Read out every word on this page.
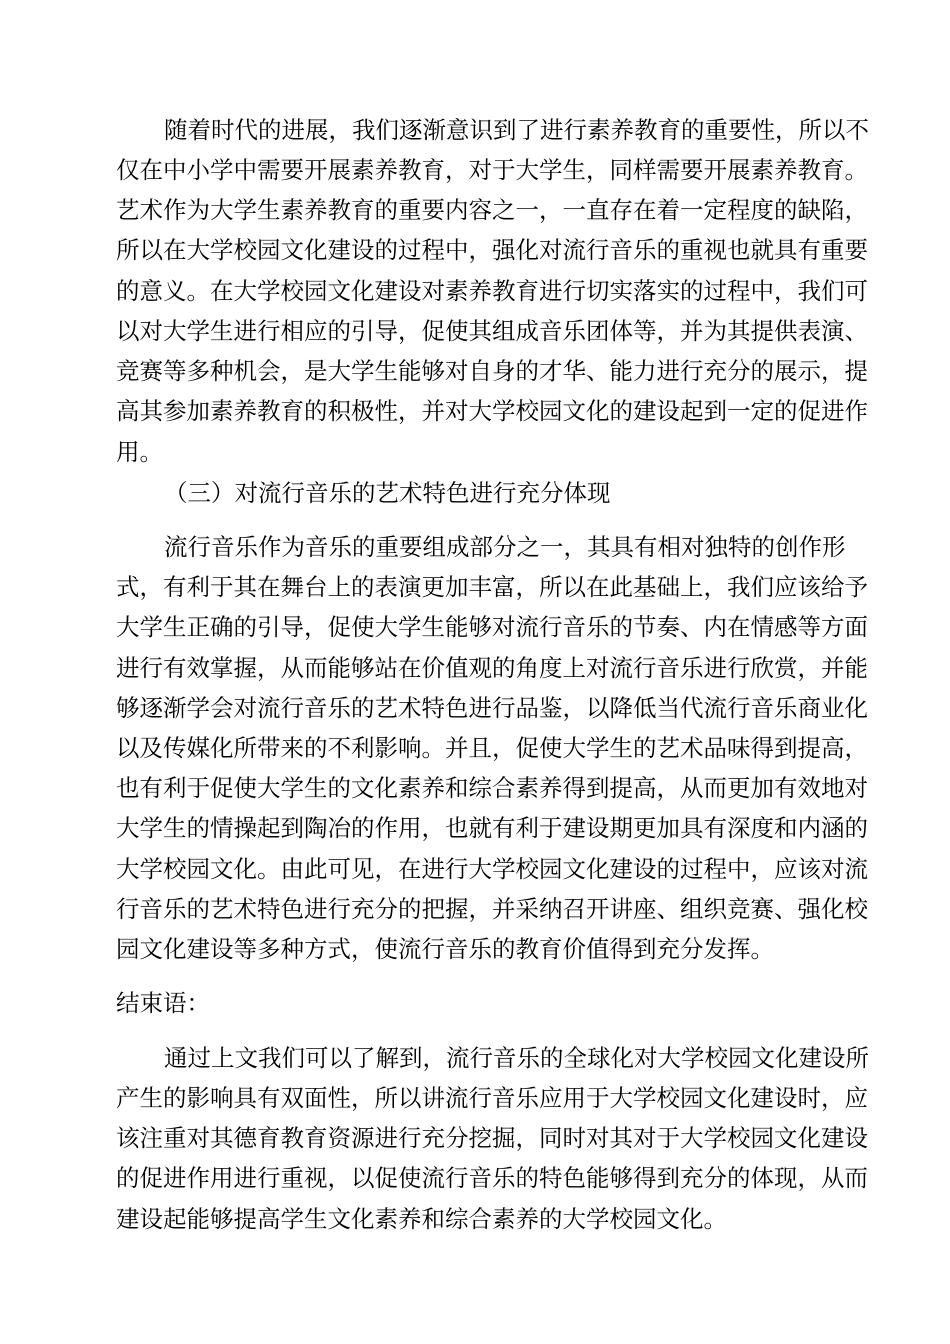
随着时代的进展，我们逐渐意识到了进行素养教育的重要性，所以不
仅在中小学中需要开展素养教育，对于大学生，同样需要开展素养教育。
艺术作为大学生素养教育的重要内容之一，一直存在着一定程度的缺陷，
所以在大学校园文化建设的过程中，强化对流行音乐的重视也就具有重要
的意义。在大学校园文化建设对素养教育进行切实落实的过程中，我们可
以对大学生进行相应的引导，促使其组成音乐团体等，并为其提供表演、
竞赛等多种机会，是大学生能够对自身的才华、能力进行充分的展示，提
高其参加素养教育的积极性，并对大学校园文化的建设起到一定的促进作
用。
（三）对流行音乐的艺术特色进行充分体现
流行音乐作为音乐的重要组成部分之一，其具有相对独特的创作形
式，有利于其在舞台上的表演更加丰富，所以在此基础上，我们应该给予
大学生正确的引导，促使大学生能够对流行音乐的节奏、内在情感等方面
进行有效掌握，从而能够站在价值观的角度上对流行音乐进行欣赏，并能
够逐渐学会对流行音乐的艺术特色进行品鉴，以降低当代流行音乐商业化
以及传媒化所带来的不利影响。并且，促使大学生的艺术品味得到提高，
也有利于促使大学生的文化素养和综合素养得到提高，从而更加有效地对
大学生的情操起到陶冶的作用，也就有利于建设期更加具有深度和内涵的
大学校园文化。由此可见，在进行大学校园文化建设的过程中，应该对流
行音乐的艺术特色进行充分的把握，并采纳召开讲座、组织竞赛、强化校
园文化建设等多种方式，使流行音乐的教育价值得到充分发挥。
结束语：
通过上文我们可以了解到，流行音乐的全球化对大学校园文化建设所
产生的影响具有双面性，所以讲流行音乐应用于大学校园文化建设时，应
该注重对其德育教育资源进行充分挖掘，同时对其对于大学校园文化建设
的促进作用进行重视，以促使流行音乐的特色能够得到充分的体现，从而
建设起能够提高学生文化素养和综合素养的大学校园文化。
